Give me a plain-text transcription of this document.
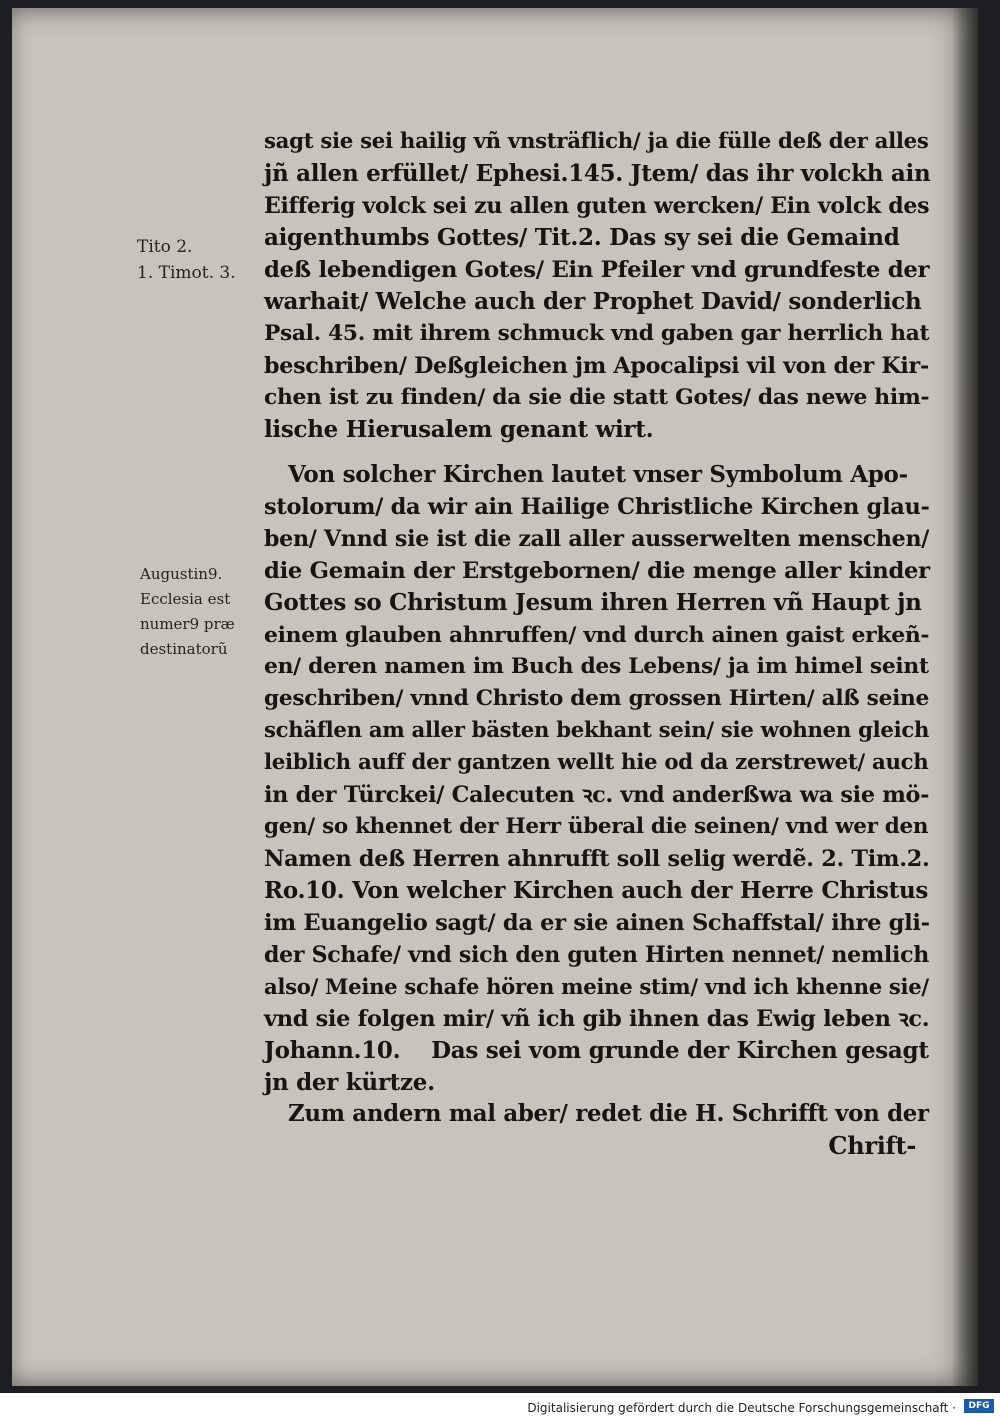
Tito 2.
1. Timot. 3.
Augustin9.
Ecclesia est
numer9 præ
destinatorũ
sagt sie sei hailig vñ vnsträflich/ ja die fülle deß der alles
jñ allen erfüllet/ Ephesi.145. Jtem/ das ihr volckh ain
Eifferig volck sei zu allen guten wercken/ Ein volck des
aigenthumbs Gottes/ Tit.2. Das sy sei die Gemaind
deß lebendigen Gotes/ Ein Pfeiler vnd grundfeste der
warhait/ Welche auch der Prophet David/ sonderlich
Psal. 45. mit ihrem schmuck vnd gaben gar herrlich hat
beschriben/ Deßgleichen jm Apocalipsi vil von der Kir-
chen ist zu finden/ da sie die statt Gotes/ das newe him-
lische Hierusalem genant wirt.
Von solcher Kirchen lautet vnser Symbolum Apo-
stolorum/ da wir ain Hailige Christliche Kirchen glau-
ben/ Vnnd sie ist die zall aller ausserwelten menschen/
die Gemain der Erstgebornen/ die menge aller kinder
Gottes so Christum Jesum ihren Herren vñ Haupt jn
einem glauben ahnruffen/ vnd durch ainen gaist erkeñ-
en/ deren namen im Buch des Lebens/ ja im himel seint
geschriben/ vnnd Christo dem grossen Hirten/ alß seine
schäflen am aller bästen bekhant sein/ sie wohnen gleich
leiblich auff der gantzen wellt hie od da zerstrewet/ auch
in der Türckei/ Calecuten ꝛc. vnd anderßwa wa sie mö-
gen/ so khennet der Herr überal die seinen/ vnd wer den
Namen deß Herren ahnrufft soll selig werdẽ. 2. Tim.2.
Ro.10. Von welcher Kirchen auch der Herre Christus
im Euangelio sagt/ da er sie ainen Schaffstal/ ihre gli-
der Schafe/ vnd sich den guten Hirten nennet/ nemlich
also/ Meine schafe hören meine stim/ vnd ich khenne sie/
vnd sie folgen mir/ vñ ich gib ihnen das Ewig leben ꝛc.
Johann.10.    Das sei vom grunde der Kirchen gesagt
jn der kürtze.
Zum andern mal aber/ redet die H. Schrifft von der
Chrift-
Digitalisierung gefördert durch die Deutsche Forschungsgemeinschaft ·	DFG
